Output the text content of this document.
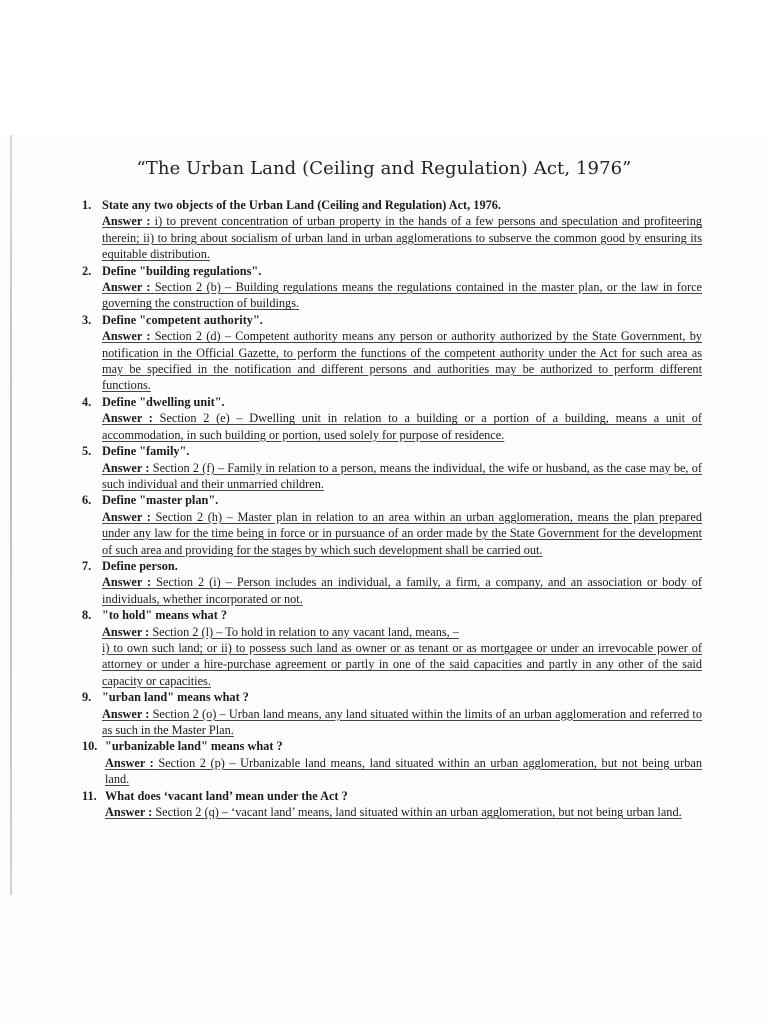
“The Urban Land (Ceiling and Regulation) Act, 1976”
1. State any two objects of the Urban Land (Ceiling and Regulation) Act, 1976.
Answer : i) to prevent concentration of urban property in the hands of a few persons and speculation and profiteering therein; ii) to bring about socialism of urban land in urban agglomerations to subserve the common good by ensuring its equitable distribution.
2. Define "building regulations".
Answer : Section 2 (b) – Building regulations means the regulations contained in the master plan, or the law in force governing the construction of buildings.
3. Define "competent authority".
Answer : Section 2 (d) – Competent authority means any person or authority authorized by the State Government, by notification in the Official Gazette, to perform the functions of the competent authority under the Act for such area as may be specified in the notification and different persons and authorities may be authorized to perform different functions.
4. Define "dwelling unit".
Answer : Section 2 (e) – Dwelling unit in relation to a building or a portion of a building, means a unit of accommodation, in such building or portion, used solely for purpose of residence.
5. Define "family".
Answer : Section 2 (f) – Family in relation to a person, means the individual, the wife or husband, as the case may be, of such individual and their unmarried children.
6. Define "master plan".
Answer : Section 2 (h) – Master plan in relation to an area within an urban agglomeration, means the plan prepared under any law for the time being in force or in pursuance of an order made by the State Government for the development of such area and providing for the stages by which such development shall be carried out.
7. Define person.
Answer : Section 2 (i) – Person includes an individual, a family, a firm, a company, and an association or body of individuals, whether incorporated or not.
8. "to hold" means what ?
Answer : Section 2 (l) – To hold in relation to any vacant land, means, –
i) to own such land; or ii) to possess such land as owner or as tenant or as mortgagee or under an irrevocable power of attorney or under a hire-purchase agreement or partly in one of the said capacities and partly in any other of the said capacity or capacities.
9. "urban land" means what ?
Answer : Section 2 (o) – Urban land means, any land situated within the limits of an urban agglomeration and referred to as such in the Master Plan.
10. "urbanizable land" means what ?
Answer : Section 2 (p) – Urbanizable land means, land situated within an urban agglomeration, but not being urban land.
11. What does ‘vacant land’ mean under the Act ?
Answer : Section 2 (q) – ‘vacant land’ means, land situated within an urban agglomeration, but not being urban land.
